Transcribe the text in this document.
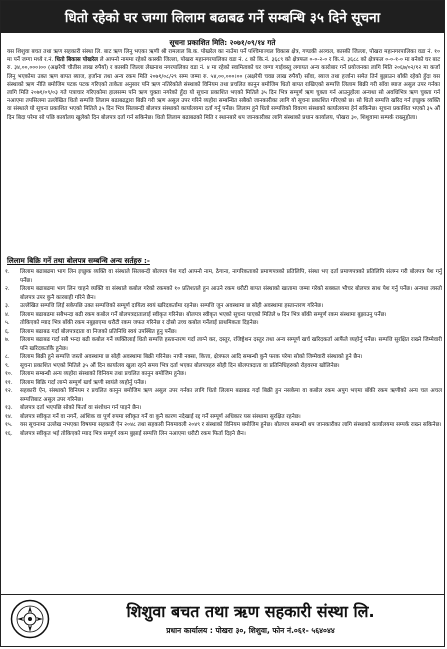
धितो रहेको घर जग्गा लिलाम बढाबढ गर्ने सम्बन्धि ३५ दिने सूचना
सूचना प्रकाशित मिति: २०७१/०९/१४ गते

यस शिशुवा बचत तथा ऋण सहकारी संस्था लि. बाट ऋण लिनु भएका ऋणी श्री रामलाल बि.क. पोखरेल का नाउँमा पर्ने पश्चिमाञ्चल विकास क्षेत्र, गण्डकी अञ्चल, कास्की जिल्ला, पोखरा महानगरपालिका वडा नं. १० मा पर्ने जग्गा मध्ये र.नं. धितो बिकास पोखरेल ले आफ्नो नाममा रहेको कास्की जिल्ला, पोखरा महानगरपालिका वडा नं. ८ को कि.नं. ३६८९ को क्षेत्रफल ०-०-२-० र कि.नं. ३६८८ को क्षेत्रफल ०-०-१-० मा बनेको घर बाट रु. ३४,००,०००।०० (अक्षरेपी चौतीस लाख रुपैयाँ) र कास्की जिल्ला लेखनाथ नगरपालिका वडा नं. ४ मा रहेको स्वामित्वको घर जग्गा गाईवस्तु लगायत अन्य कारोबार गर्ने प्रयोजनका लागि मिति २०६७/०२/१२ मा कर्जा लिनु भएकोमा उक्त ऋण बापत ब्याज, हर्जाना तथा अन्य रकम मिति २०७१/०८/२९ सम्म जम्मा रु. ५४,००,०००।०० (अक्षरेपी चवन्न लाख रुपैयाँ) साँवा, ब्याज तथा हर्जाना समेत तिर्न बुझाउन बाँकी रहेको हुँदा यस संस्थाको ऋण नीति बमोजिम पटक पटक गरिएको ताकेता अनुसार पनि ऋण नतिरेकोले संस्थाको विनियम तथा प्रचलित कानुन बमोजिम धितो बापत राखिएको सम्पत्ति लिलाम बिक्री गरी साँवा ब्याज असुल उपर गर्नका लागि मिति २०७१/०९/०३ गते पत्राचार गरिएकोमा हालसम्म पनि ऋण चुक्ता नगरेको हुँदा यो सूचना प्रकाशित भएको मितिले ३५ दिन भित्र सम्पूर्ण ऋण चुक्ता गर्न आउनुहोला अन्यथा सो अवधिभित्र ऋण चुक्ता गर्न नआएमा तपसिलमा उल्लेखित धितो सम्पत्ति लिलाम बढाबढद्वारा बिक्री गरी ऋण असुल उपर गरिने व्यहोरा सम्बन्धित सबैको जानकारीका लागि यो सूचना प्रकाशित गरिएको छ। सो धितो सम्पत्ति खरिद गर्न इच्छुक व्यक्ति वा संस्थाले यो सूचना प्रकाशित भएको मितिले ३५ दिन भित्र सिलबन्दी बोलपत्र संस्थाको कार्यालयमा दर्ता गर्नु पर्नेछ। लिलाम हुने धितो सम्पत्तिको विवरण संस्थाको कार्यालयमा हेर्न सकिनेछ। सूचना प्रकाशित भएको ३५ औं दिन बिदा परेमा सो पछि कार्यालय खुलेको दिन बोलपत्र दर्ता गर्न सकिनेछ। धितो लिलाम बढाबढको मिति र स्थानबारे थप जानकारीका लागि संस्थाको प्रधान कार्यालय, पोखरा ३०, शिशुवामा सम्पर्क राख्नुहोला।

लिलाम बिक्रि गर्ने तथा बोलपत्र सम्बन्धि अन्य सर्तहरु :-
१.	लिलाम बढाबढमा भाग लिन इच्छुक व्यक्ति वा संस्थाले सिलबन्दी बोलपत्र पेश गर्दा आफ्नो नाम, ठेगाना, नागरिकताको प्रमाणपत्रको प्रतिलिपि, संस्था भए दर्ता प्रमाणपत्रको प्रतिलिपि संलग्न गरी बोलपत्र पेश गर्नु पर्नेछ।
२.	लिलाम बढाबढमा भाग लिन चाहने व्यक्ति वा संस्थाले कबोल गरेको रकमको १० प्रतिशतले हुन आउने रकम धरौटी बापत संस्थाको खातामा जम्मा गरेको सक्कल भौचर बोलपत्र साथ पेश गर्नु पर्नेछ। अन्यथा त्यस्तो बोलपत्र उपर कुनै कारबाही गरिने छैन।
३.	उल्लेखित सम्पत्ति लिई सकेपछि उक्त सम्पत्तिको सम्पूर्ण दायित्व स्वयं खरिदकर्तामा रहनेछ। सम्पत्ति जुन अवस्थामा छ सोही अवस्थामा हस्तान्तरण गरिनेछ।
४.	लिलाम बढाबढमा सबैभन्दा बढी रकम कबोल गर्ने बोलपत्रदातालाई स्वीकृत गरिनेछ। बोलपत्र स्वीकृत भएको सूचना पाएको मितिले ७ दिन भित्र बाँकी सम्पूर्ण रकम संस्थामा बुझाउनु पर्नेछ।
५.	तोकिएको म्याद भित्र बाँकी रकम नबुझाएमा धरौटी रकम जफत गरिनेछ र दोस्रो उच्च कबोल गर्नेलाई प्राथमिकता दिइनेछ।
६.	लिलाम बढाबढ गर्दा बोलपत्रदाता वा निजको प्रतिनिधि स्वयं उपस्थित हुनु पर्नेछ।
७.	लिलाम बढाबढ गर्दा सबै भन्दा बढी कबोल गर्ने व्यक्तिलाई धितो सम्पत्ति हस्तान्तरण गर्दा लाग्ने कर, दस्तुर, रजिष्ट्रेशन दस्तुर तथा अन्य सम्पूर्ण खर्च खरिदकर्ता आफैंले व्यहोर्नु पर्नेछ। सम्पत्ति सुरक्षित राख्ने जिम्मेवारी पनि खरिदकर्ताकै हुनेछ।
८.	लिलाम बिक्री हुने सम्पत्ति जस्तो अवस्थामा छ सोही अवस्थामा बिक्री गरिनेछ। नापी नक्सा, कित्ता, क्षेत्रफल आदि सम्बन्धी कुनै फरक परेमा सोको जिम्मेवारी संस्थाको हुने छैन।
९.	सूचना प्रकाशित भएको मितिले ३५ औं दिन कार्यालय खुला रहने समय भित्र दर्ता भएका बोलपत्रहरु सोही दिन बोलपत्रदाता वा प्रतिनिधिहरुको रोहवरमा खोलिनेछ।
१०.	लिलाम सम्बन्धी अन्य व्यहोरा संस्थाको विनियम तथा प्रचलित कानुन बमोजिम हुनेछ।
११.	लिलाम बिक्रि गर्दा लाग्ने सम्पूर्ण खर्च ऋणी स्वयंले व्यहोर्नु पर्नेछ।
१२.	सहकारी ऐन, संस्थाको विनियम र प्रचलित कानुन बमोजिम ऋण असुल उपर गर्नका लागि धितो लिलाम बढाबढ गर्दा बिक्री हुन नसकेमा वा कबोल रकम अपुग भएमा बाँकी रकम ऋणीको अन्य चल अचल सम्पत्तिबाट असुल उपर गरिनेछ।
१३.	बोलपत्र दर्ता भएपछि सोको फिर्ता वा संशोधन गर्न पाइने छैन।
१४.	बोलपत्र स्वीकृत गर्ने वा नगर्ने, आंशिक वा पूर्ण रुपमा स्वीकृत गर्ने वा कुनै कारण नदेखाई रद्द गर्ने सम्पूर्ण अधिकार यस संस्थामा सुरक्षित रहनेछ।
१५.	यस सूचनामा उल्लेख नभएका विषयमा सहकारी ऐन २०४८ तथा सहकारी नियमावली २०४९ र संस्थाको विनियम बमोजिम हुनेछ। बोलपत्र सम्बन्धी थप जानकारीका लागि संस्थाको कार्यालयमा सम्पर्क राख्न सकिनेछ।
१६.	बोलपत्र स्वीकृत भई तोकिएको म्याद भित्र सम्पूर्ण रकम बुझाई सम्पत्ति लिन नआएमा धरौटी रकम फिर्ता दिइने छैन।
शिशुवा बचत तथा ऋण सहकारी संस्था लि.
प्रधान कार्यालय : पोखरा ३०, शिशुवा, फोन नं.०६१- ५६४०४४
